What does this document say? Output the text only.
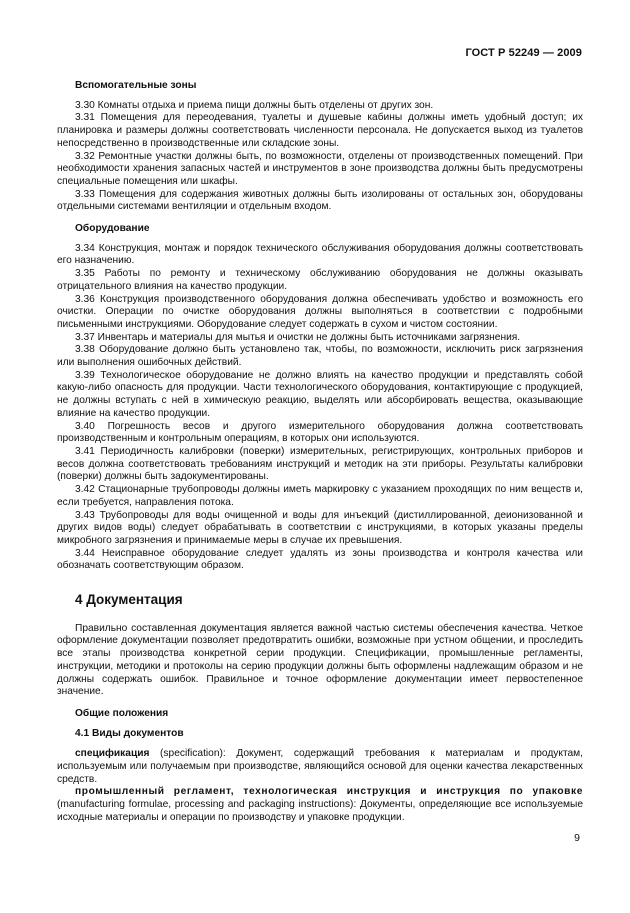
ГОСТ Р 52249 — 2009
Вспомогательные зоны

3.30 Комнаты отдыха и приема пищи должны быть отделены от других зон.

3.31 Помещения для переодевания, туалеты и душевые кабины должны иметь удобный доступ; их планировка и размеры должны соответствовать численности персонала. Не допускается выход из туалетов непосредственно в производственные или складские зоны.

3.32 Ремонтные участки должны быть, по возможности, отделены от производственных помещений. При необходимости хранения запасных частей и инструментов в зоне производства должны быть предусмотрены специальные помещения или шкафы.

3.33 Помещения для содержания животных должны быть изолированы от остальных зон, оборудованы отдельными системами вентиляции и отдельным входом.

Оборудование

3.34 Конструкция, монтаж и порядок технического обслуживания оборудования должны соответствовать его назначению.

3.35 Работы по ремонту и техническому обслуживанию оборудования не должны оказывать отрицательного влияния на качество продукции.

3.36 Конструкция производственного оборудования должна обеспечивать удобство и возможность его очистки. Операции по очистке оборудования должны выполняться в соответствии с подробными письменными инструкциями. Оборудование следует содержать в сухом и чистом состоянии.

3.37 Инвентарь и материалы для мытья и очистки не должны быть источниками загрязнения.

3.38 Оборудование должно быть установлено так, чтобы, по возможности, исключить риск загрязнения или выполнения ошибочных действий.

3.39 Технологическое оборудование не должно влиять на качество продукции и представлять собой какую-либо опасность для продукции. Части технологического оборудования, контактирующие с продукцией, не должны вступать с ней в химическую реакцию, выделять или абсорбировать вещества, оказывающие влияние на качество продукции.

3.40 Погрешность весов и другого измерительного оборудования должна соответствовать производственным и контрольным операциям, в которых они используются.

3.41 Периодичность калибровки (поверки) измерительных, регистрирующих, контрольных приборов и весов должна соответствовать требованиям инструкций и методик на эти приборы. Результаты калибровки (поверки) должны быть задокументированы.

3.42 Стационарные трубопроводы должны иметь маркировку с указанием проходящих по ним веществ и, если требуется, направления потока.

3.43 Трубопроводы для воды очищенной и воды для инъекций (дистиллированной, деионизованной и других видов воды) следует обрабатывать в соответствии с инструкциями, в которых указаны пределы микробного загрязнения и принимаемые меры в случае их превышения.

3.44 Неисправное оборудование следует удалять из зоны производства и контроля качества или обозначать соответствующим образом.

4 Документация

Правильно составленная документация является важной частью системы обеспечения качества. Четкое оформление документации позволяет предотвратить ошибки, возможные при устном общении, и проследить все этапы производства конкретной серии продукции. Спецификации, промышленные регламенты, инструкции, методики и протоколы на серию продукции должны быть оформлены надлежащим образом и не должны содержать ошибок. Правильное и точное оформление документации имеет первостепенное значение.

Общие положения
4.1 Виды документов

спецификация (specification): Документ, содержащий требования к материалам и продуктам, используемым или получаемым при производстве, являющийся основой для оценки качества лекарственных средств.

промышленный регламент, технологическая инструкция и инструкция по упаковке (manufacturing formulae, processing and packaging instructions): Документы, определяющие все используемые исходные материалы и операции по производству и упаковке продукции.

9
